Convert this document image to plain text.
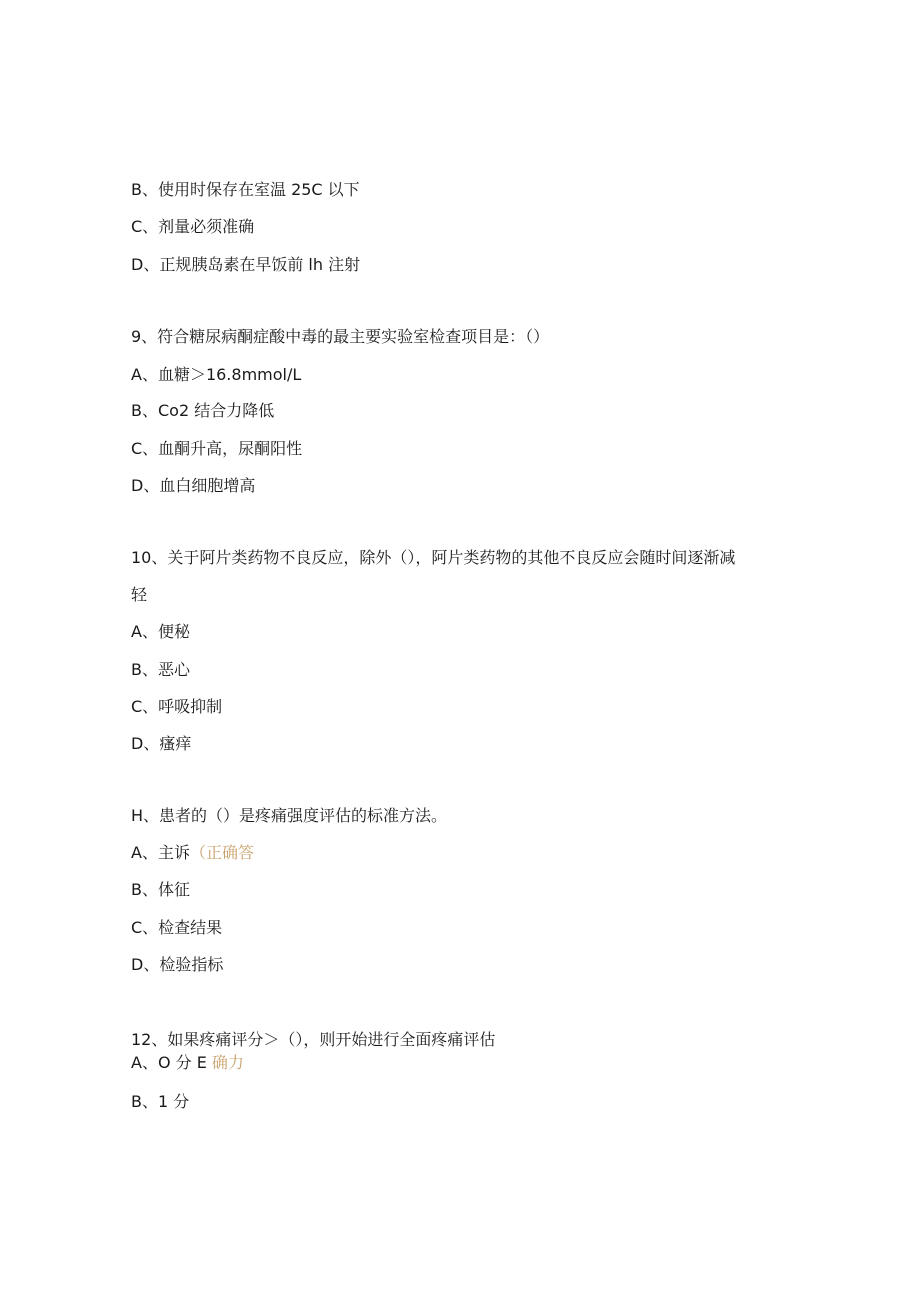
B、使用时保存在室温 25C 以下
C、剂量必须准确
D、正规胰岛素在早饭前 lh 注射
9、符合糖尿病酮症酸中毒的最主要实验室检查项目是：（）
A、血糖＞16.8mmol∕L
B、Co2 结合力降低
C、血酮升高，尿酮阳性
D、血白细胞增高
10、关于阿片类药物不良反应，除外（），阿片类药物的其他不良反应会随时间逐渐减
轻
A、便秘
B、恶心
C、呼吸抑制
D、瘙痒
H、患者的（）是疼痛强度评估的标准方法。
A、主诉（正确答
B、体征
C、检查结果
D、检验指标
12、如果疼痛评分＞（），则开始进行全面疼痛评估
A、O 分 E 确力
B、1 分
